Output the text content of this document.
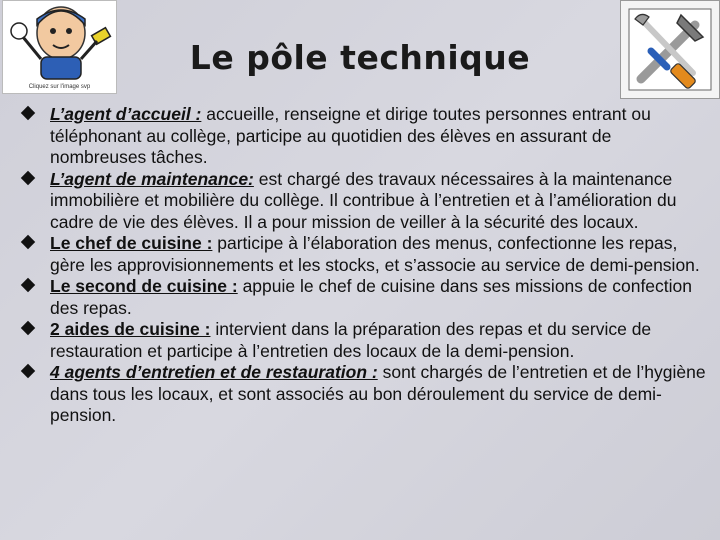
Cliquez sur l'image svp
Le pôle technique
L’agent d’accueil : accueille, renseigne et dirige toutes personnes entrant ou téléphonant au collège, participe au quotidien des élèves en assurant de nombreuses tâches.
L’agent de maintenance: est chargé des travaux nécessaires à la maintenance immobilière et mobilière du collège. Il contribue à l’entretien et à l’amélioration du cadre de vie des élèves. Il a pour mission de veiller à la sécurité des locaux.
Le chef de cuisine : participe à l’élaboration des menus, confectionne les repas, gère les approvisionnements et les stocks, et s’associe au service de demi-pension.
Le second de cuisine : appuie le chef de cuisine dans ses missions de confection des repas.
2 aides de cuisine : intervient dans la préparation des repas et du service de restauration et participe à l’entretien des locaux de la demi-pension.
4 agents d’entretien et de restauration : sont chargés de l’entretien et de l’hygiène dans tous les locaux, et sont associés au bon déroulement du service de demi-pension.
